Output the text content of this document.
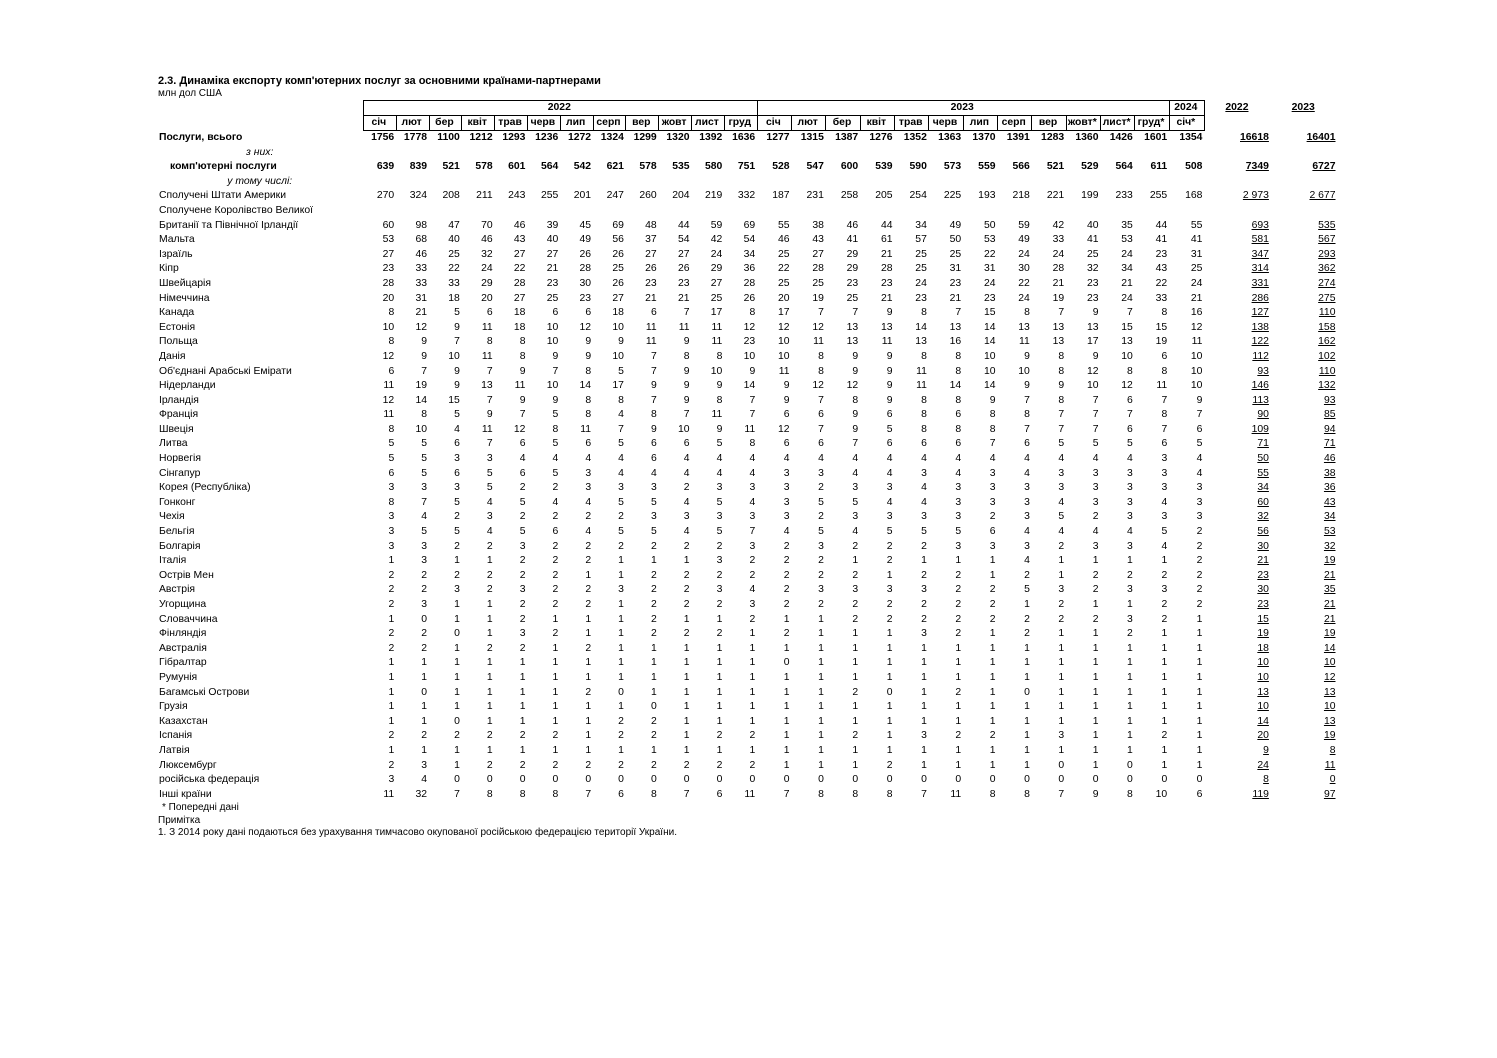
2.3. Динаміка експорту комп'ютерних послуг за основними країнами-партнерами
млн дол США
	2022												2023												2024	2022	2023
	січ	лют	бер	квіт	трав	черв	лип	серп	вер	жовт	лист	груд	січ	лют	бер	квіт	трав	черв	лип	серп	вер	жовт*	лист*	груд*	січ*		
Послуги, всього	1756	1778	1100	1212	1293	1236	1272	1324	1299	1320	1392	1636	1277	1315	1387	1276	1352	1363	1370	1391	1283	1360	1426	1601	1354	16618	16401
з них:																											
комп'ютерні послуги	639	839	521	578	601	564	542	621	578	535	580	751	528	547	600	539	590	573	559	566	521	529	564	611	508	7349	6727
у тому числі:																											
Сполучені Штати Америки	270	324	208	211	243	255	201	247	260	204	219	332	187	231	258	205	254	225	193	218	221	199	233	255	168	2 973	2 677
Сполучене Королівство Великої																											
Британії та Північної Ірландії	60	98	47	70	46	39	45	69	48	44	59	69	55	38	46	44	34	49	50	59	42	40	35	44	55	693	535
Мальта	53	68	40	46	43	40	49	56	37	54	42	54	46	43	41	61	57	50	53	49	33	41	53	41	41	581	567
Ізраїль	27	46	25	32	27	27	26	26	27	27	24	34	25	27	29	21	25	25	22	24	24	25	24	23	31	347	293
Кіпр	23	33	22	24	22	21	28	25	26	26	29	36	22	28	29	28	25	31	31	30	28	32	34	43	25	314	362
Швейцарія	28	33	33	29	28	23	30	26	23	23	27	28	25	25	23	23	24	23	24	22	21	23	21	22	24	331	274
Німеччина	20	31	18	20	27	25	23	27	21	21	25	26	20	19	25	21	23	21	23	24	19	23	24	33	21	286	275
Канада	8	21	5	6	18	6	6	18	6	7	17	8	17	7	7	9	8	7	15	8	7	9	7	8	16	127	110
Естонія	10	12	9	11	18	10	12	10	11	11	11	12	12	12	13	13	14	13	14	13	13	13	15	15	12	138	158
Польща	8	9	7	8	8	10	9	9	11	9	11	23	10	11	13	11	13	16	14	11	13	17	13	19	11	122	162
Данія	12	9	10	11	8	9	9	10	7	8	8	10	10	8	9	9	8	8	10	9	8	9	10	6	10	112	102
Об'єднані Арабські Емірати	6	7	9	7	9	7	8	5	7	9	10	9	11	8	9	9	11	8	10	10	8	12	8	8	10	93	110
Нідерланди	11	19	9	13	11	10	14	17	9	9	9	14	9	12	12	9	11	14	14	9	9	10	12	11	10	146	132
Ірландія	12	14	15	7	9	9	8	8	7	9	8	7	9	7	8	9	8	8	9	7	8	7	6	7	9	113	93
Франція	11	8	5	9	7	5	8	4	8	7	11	7	6	6	9	6	8	6	8	8	7	7	7	8	7	90	85
Швеція	8	10	4	11	12	8	11	7	9	10	9	11	12	7	9	5	8	8	8	7	7	7	6	7	6	109	94
Литва	5	5	6	7	6	5	6	5	6	6	5	8	6	6	7	6	6	6	7	6	5	5	5	6	5	71	71
Норвегія	5	5	3	3	4	4	4	4	6	4	4	4	4	4	4	4	4	4	4	4	4	4	4	3	4	50	46
Сінгапур	6	5	6	5	6	5	3	4	4	4	4	4	3	3	4	4	3	4	3	4	3	3	3	3	4	55	38
Корея (Республіка)	3	3	3	5	2	2	3	3	3	2	3	3	3	2	3	3	4	3	3	3	3	3	3	3	3	34	36
Гонконг	8	7	5	4	5	4	4	5	5	4	5	4	3	5	5	4	4	3	3	3	4	3	3	4	3	60	43
Чехія	3	4	2	3	2	2	2	2	3	3	3	3	3	2	3	3	3	3	2	3	5	2	3	3	3	32	34
Бельгія	3	5	5	4	5	6	4	5	5	4	5	7	4	5	4	5	5	5	6	4	4	4	4	5	2	56	53
Болгарія	3	3	2	2	3	2	2	2	2	2	2	3	2	3	2	2	2	3	3	3	2	3	3	4	2	30	32
Італія	1	3	1	1	2	2	2	1	1	1	3	2	2	2	1	2	1	1	1	4	1	1	1	1	2	21	19
Острів Мен	2	2	2	2	2	2	1	1	2	2	2	2	2	2	2	1	2	2	1	2	1	2	2	2	2	23	21
Австрія	2	2	3	2	3	2	2	3	2	2	3	4	2	3	3	3	3	2	2	5	3	2	3	3	2	30	35
Угорщина	2	3	1	1	2	2	2	1	2	2	2	3	2	2	2	2	2	2	2	1	2	1	1	2	2	23	21
Словаччина	1	0	1	1	2	1	1	1	2	1	1	2	1	1	2	2	2	2	2	2	2	2	3	2	1	15	21
Фінляндія	2	2	0	1	3	2	1	1	2	2	2	1	2	1	1	1	3	2	1	2	1	1	2	1	1	19	19
Австралія	2	2	1	2	2	1	2	1	1	1	1	1	1	1	1	1	1	1	1	1	1	1	1	1	1	18	14
Гібралтар	1	1	1	1	1	1	1	1	1	1	1	1	0	1	1	1	1	1	1	1	1	1	1	1	1	10	10
Румунія	1	1	1	1	1	1	1	1	1	1	1	1	1	1	1	1	1	1	1	1	1	1	1	1	1	10	12
Багамські Острови	1	0	1	1	1	1	2	0	1	1	1	1	1	1	2	0	1	2	1	0	1	1	1	1	1	13	13
Грузія	1	1	1	1	1	1	1	1	0	1	1	1	1	1	1	1	1	1	1	1	1	1	1	1	1	10	10
Казахстан	1	1	0	1	1	1	1	2	2	1	1	1	1	1	1	1	1	1	1	1	1	1	1	1	1	14	13
Іспанія	2	2	2	2	2	2	1	2	2	1	2	2	1	1	2	1	3	2	2	1	3	1	1	2	1	20	19
Латвія	1	1	1	1	1	1	1	1	1	1	1	1	1	1	1	1	1	1	1	1	1	1	1	1	1	9	8
Люксембург	2	3	1	2	2	2	2	2	2	2	2	2	1	1	1	2	1	1	1	1	0	1	0	1	1	24	11
російська федерація	3	4	0	0	0	0	0	0	0	0	0	0	0	0	0	0	0	0	0	0	0	0	0	0	0	8	0
Інші країни	11	32	7	8	8	8	7	6	8	7	6	11	7	8	8	8	7	11	8	8	7	9	8	10	6	119	97
* Попередні дані
Примітка
1. З 2014 року дані подаються без урахування тимчасово окупованої російською федерацією території України.
